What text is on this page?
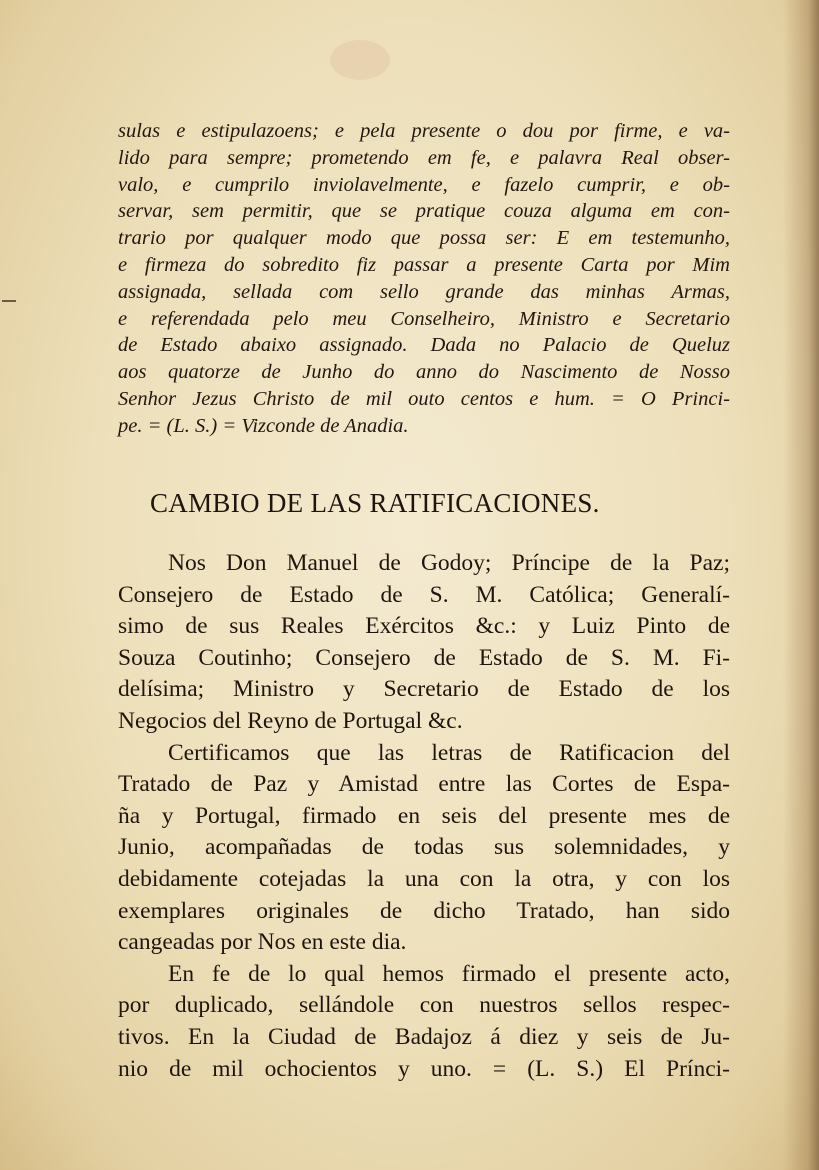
sulas e estipulazoens; e pela presente o dou por firme, e va-
lido para sempre; prometendo em fe, e palavra Real obser-
valo, e cumprilo inviolavelmente, e fazelo cumprir, e ob-
servar, sem permitir, que se pratique couza alguma em con-
trario por qualquer modo que possa ser: E em testemunho,
e firmeza do sobredito fiz passar a presente Carta por Mim
assignada, sellada com sello grande das minhas Armas,
e referendada pelo meu Conselheiro, Ministro e Secretario
de Estado abaixo assignado. Dada no Palacio de Queluz
aos quatorze de Junho do anno do Nascimento de Nosso
Senhor Jezus Christo de mil outo centos e hum. = O Princi-
pe. = (L. S.) = Vizconde de Anadia.
CAMBIO DE LAS RATIFICACIONES.
Nos Don Manuel de Godoy; Príncipe de la Paz;
Consejero de Estado de S. M. Católica; Generalí-
simo de sus Reales Exércitos &c.: y Luiz Pinto de
Souza Coutinho; Consejero de Estado de S. M. Fi-
delísima; Ministro y Secretario de Estado de los
Negocios del Reyno de Portugal &c.
Certificamos que las letras de Ratificacion del
Tratado de Paz y Amistad entre las Cortes de Espa-
ña y Portugal, firmado en seis del presente mes de
Junio, acompañadas de todas sus solemnidades, y
debidamente cotejadas la una con la otra, y con los
exemplares originales de dicho Tratado, han sido
cangeadas por Nos en este dia.
En fe de lo qual hemos firmado el presente acto,
por duplicado, sellándole con nuestros sellos respec-
tivos. En la Ciudad de Badajoz á diez y seis de Ju-
nio de mil ochocientos y uno. = (L. S.) El Prínci-
